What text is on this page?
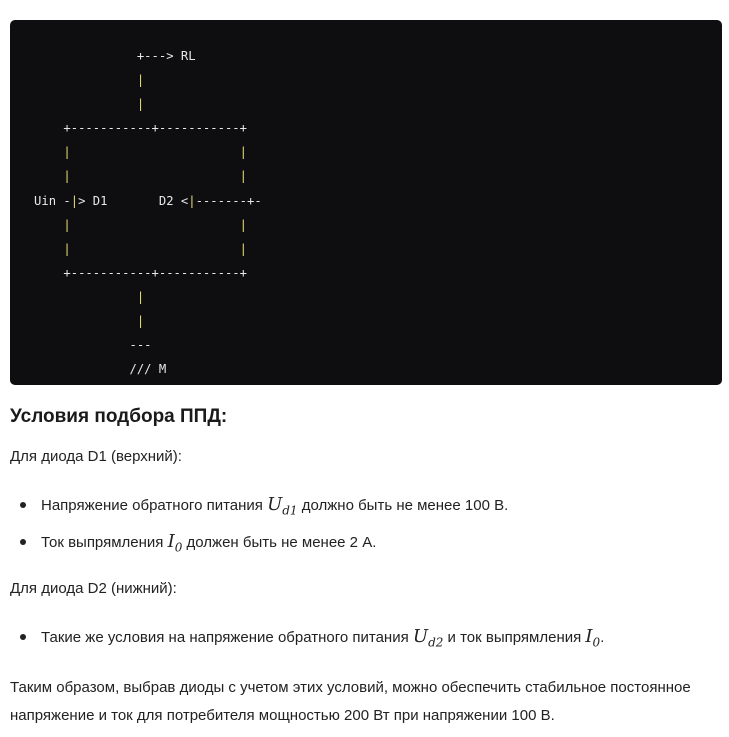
+---> RL
|
|
+-----------+-----------+
|	|
|	|
Uin -|> D1	D2 <|-------+-
|	|
|	|
+-----------+-----------+
|
|
---
/// M
Условия подбора ППД:

Для диода D1 (верхний):

Напряжение обратного питания $U_{d1}$ должно быть не менее 100 В.
Ток выпрямления $I_0$ должен быть не менее 2 А.

Для диода D2 (нижний):

Такие же условия на напряжение обратного питания $U_{d2}$ и ток выпрямления $I_0$.

Таким образом, выбрав диоды с учетом этих условий, можно обеспечить стабильное постоянное напряжение и ток для потребителя мощностью 200 Вт при напряжении 100 В.
